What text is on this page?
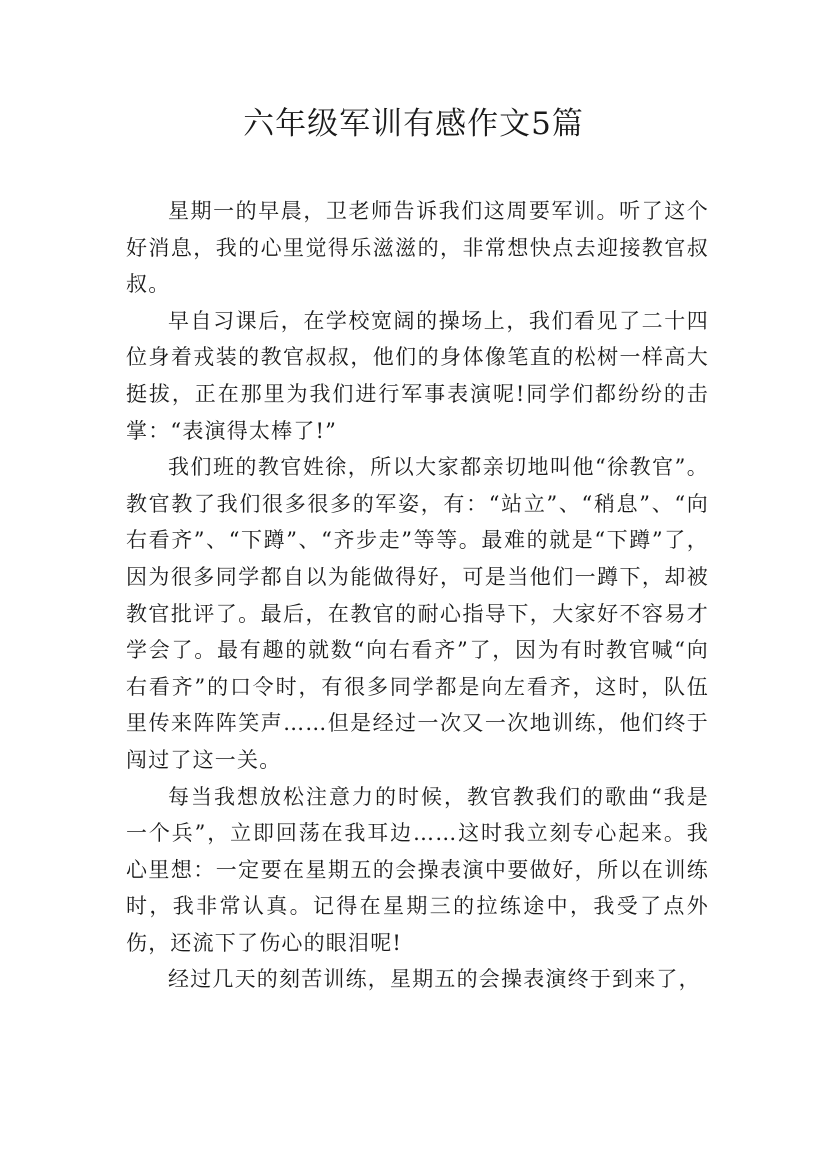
六年级军训有感作文5篇

星期一的早晨，卫老师告诉我们这周要军训。听了这个好消息，我的心里觉得乐滋滋的，非常想快点去迎接教官叔叔。

早自习课后，在学校宽阔的操场上，我们看见了二十四位身着戎装的教官叔叔，他们的身体像笔直的松树一样高大挺拔，正在那里为我们进行军事表演呢!同学们都纷纷的击掌：“表演得太棒了!”

我们班的教官姓徐，所以大家都亲切地叫他“徐教官”。教官教了我们很多很多的军姿，有：“站立”、“稍息”、“向右看齐”、“下蹲”、“齐步走”等等。最难的就是“下蹲”了，因为很多同学都自以为能做得好，可是当他们一蹲下，却被教官批评了。最后，在教官的耐心指导下，大家好不容易才学会了。最有趣的就数“向右看齐”了，因为有时教官喊“向右看齐”的口令时，有很多同学都是向左看齐，这时，队伍里传来阵阵笑声……但是经过一次又一次地训练，他们终于闯过了这一关。

每当我想放松注意力的时候，教官教我们的歌曲“我是一个兵”，立即回荡在我耳边……这时我立刻专心起来。我心里想：一定要在星期五的会操表演中要做好，所以在训练时，我非常认真。记得在星期三的拉练途中，我受了点外伤，还流下了伤心的眼泪呢!

经过几天的刻苦训练，星期五的会操表演终于到来了，
